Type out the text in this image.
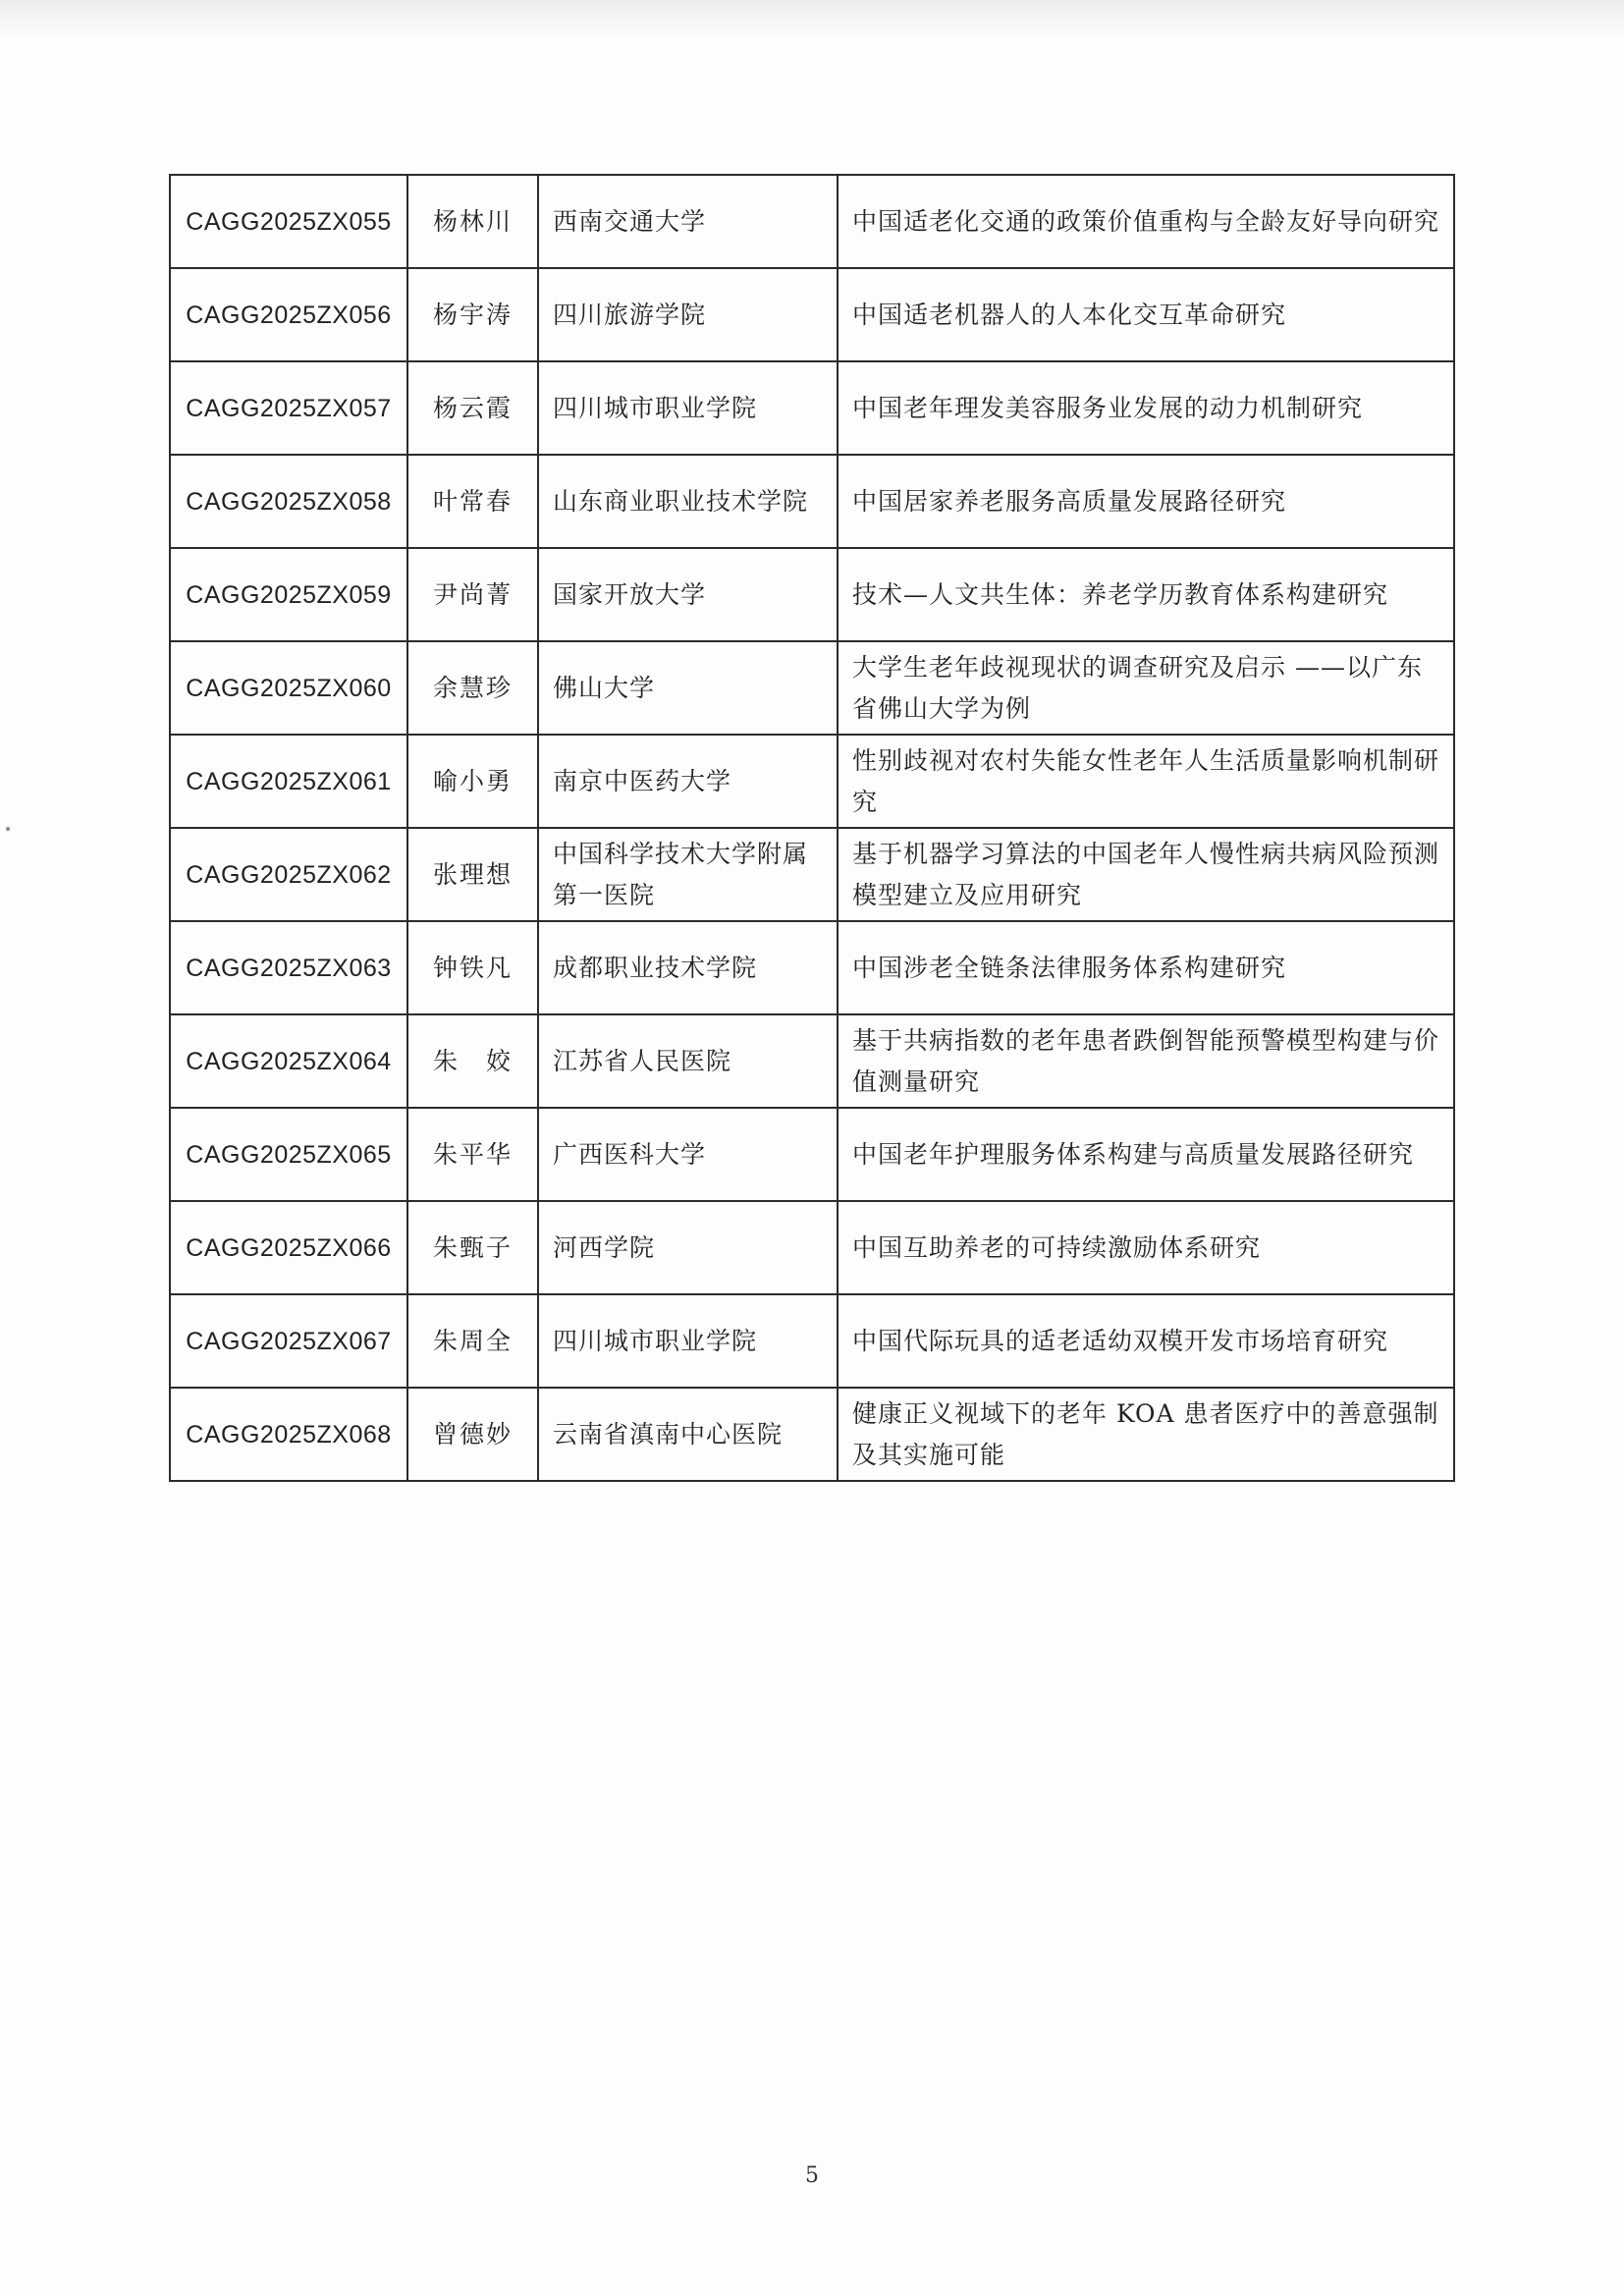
CAGG2025ZX055	杨林川	西南交通大学	中国适老化交通的政策价值重构与全龄友好导向研究
CAGG2025ZX056	杨宇涛	四川旅游学院	中国适老机器人的人本化交互革命研究
CAGG2025ZX057	杨云霞	四川城市职业学院	中国老年理发美容服务业发展的动力机制研究
CAGG2025ZX058	叶常春	山东商业职业技术学院	中国居家养老服务高质量发展路径研究
CAGG2025ZX059	尹尚菁	国家开放大学	技术—人文共生体：养老学历教育体系构建研究
CAGG2025ZX060	余慧珍	佛山大学	大学生老年歧视现状的调查研究及启示 ——以广东省佛山大学为例
CAGG2025ZX061	喻小勇	南京中医药大学	性别歧视对农村失能女性老年人生活质量影响机制研究
CAGG2025ZX062	张理想	中国科学技术大学附属第一医院	基于机器学习算法的中国老年人慢性病共病风险预测模型建立及应用研究
CAGG2025ZX063	钟铁凡	成都职业技术学院	中国涉老全链条法律服务体系构建研究
CAGG2025ZX064	朱　姣	江苏省人民医院	基于共病指数的老年患者跌倒智能预警模型构建与价值测量研究
CAGG2025ZX065	朱平华	广西医科大学	中国老年护理服务体系构建与高质量发展路径研究
CAGG2025ZX066	朱甄子	河西学院	中国互助养老的可持续激励体系研究
CAGG2025ZX067	朱周全	四川城市职业学院	中国代际玩具的适老适幼双模开发市场培育研究
CAGG2025ZX068	曾德妙	云南省滇南中心医院	健康正义视域下的老年 KOA 患者医疗中的善意强制及其实施可能
5
